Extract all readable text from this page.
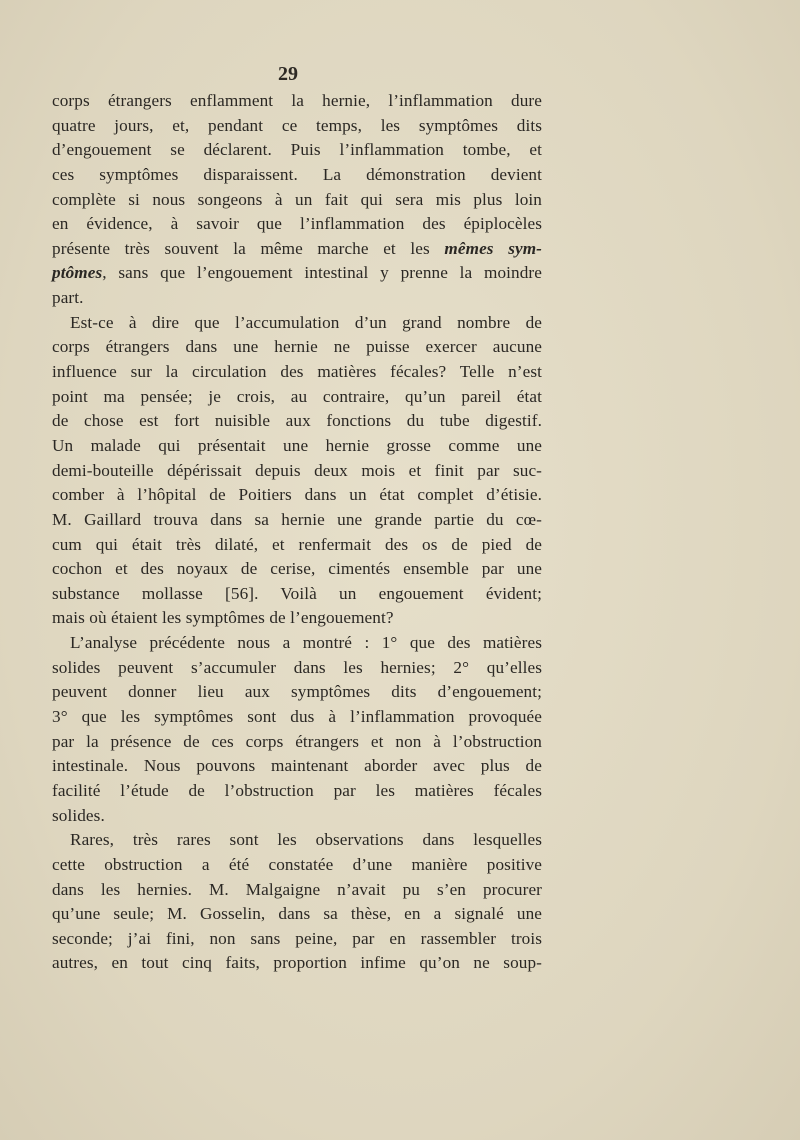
29
corps étrangers enflamment la hernie, l’inflammation dure
quatre jours, et, pendant ce temps, les symptômes dits
d’engouement se déclarent. Puis l’inflammation tombe, et
ces symptômes disparaissent. La démonstration devient
complète si nous songeons à un fait qui sera mis plus loin
en évidence, à savoir que l’inflammation des épiplocèles
présente très souvent la même marche et les mêmes sym-
ptômes, sans que l’engouement intestinal y prenne la moindre
part.
Est-ce à dire que l’accumulation d’un grand nombre de
corps étrangers dans une hernie ne puisse exercer aucune
influence sur la circulation des matières fécales? Telle n’est
point ma pensée; je crois, au contraire, qu’un pareil état
de chose est fort nuisible aux fonctions du tube digestif.
Un malade qui présentait une hernie grosse comme une
demi-bouteille dépérissait depuis deux mois et finit par suc-
comber à l’hôpital de Poitiers dans un état complet d’étisie.
M. Gaillard trouva dans sa hernie une grande partie du cœ-
cum qui était très dilaté, et renfermait des os de pied de
cochon et des noyaux de cerise, cimentés ensemble par une
substance mollasse [56]. Voilà un engouement évident;
mais où étaient les symptômes de l’engouement?
L’analyse précédente nous a montré : 1° que des matières
solides peuvent s’accumuler dans les hernies; 2° qu’elles
peuvent donner lieu aux symptômes dits d’engouement;
3° que les symptômes sont dus à l’inflammation provoquée
par la présence de ces corps étrangers et non à l’obstruction
intestinale. Nous pouvons maintenant aborder avec plus de
facilité l’étude de l’obstruction par les matières fécales
solides.
Rares, très rares sont les observations dans lesquelles
cette obstruction a été constatée d’une manière positive
dans les hernies. M. Malgaigne n’avait pu s’en procurer
qu’une seule; M. Gosselin, dans sa thèse, en a signalé une
seconde; j’ai fini, non sans peine, par en rassembler trois
autres, en tout cinq faits, proportion infime qu’on ne soup-
